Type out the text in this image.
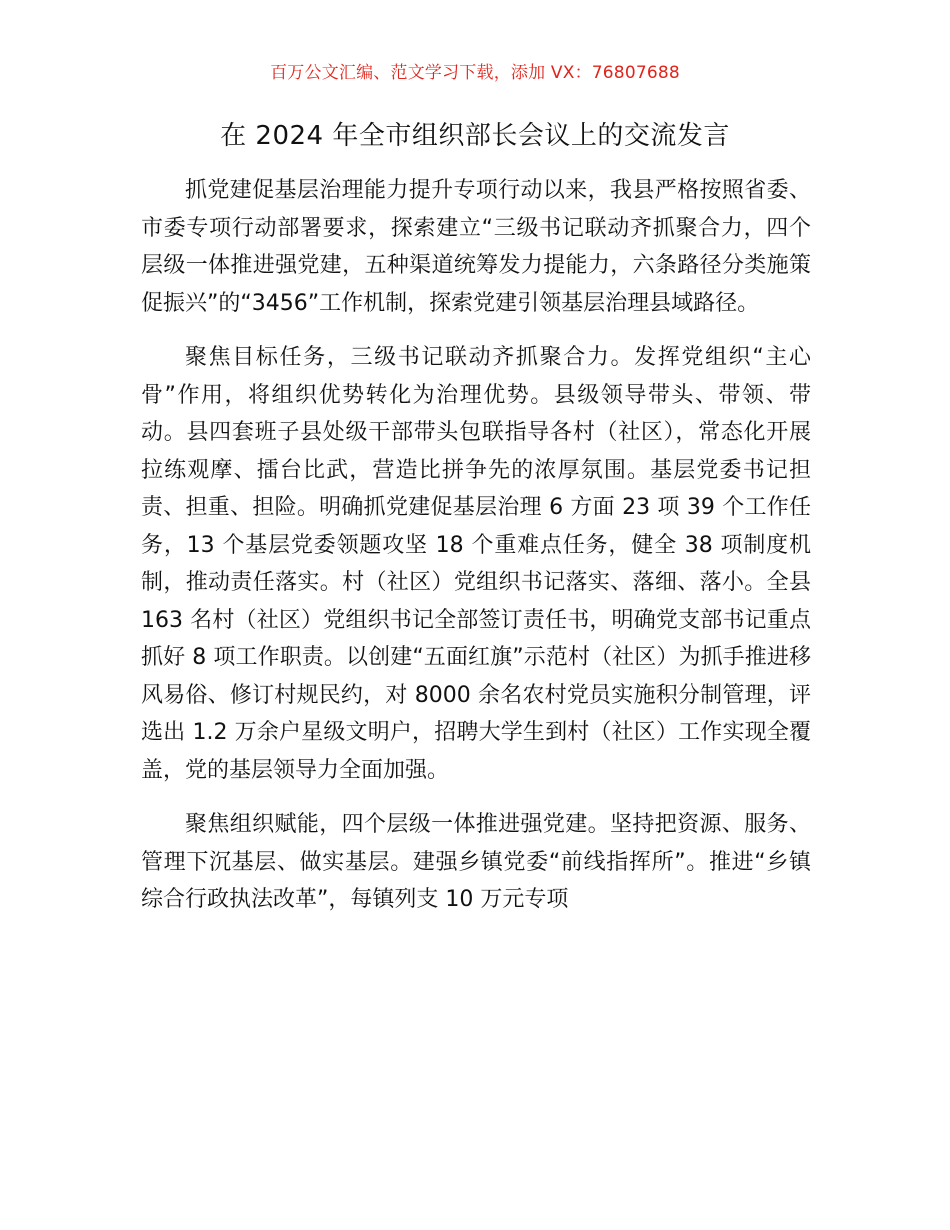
百万公文汇编、范文学习下载，添加 VX：76807688
在 2024 年全市组织部长会议上的交流发言

抓党建促基层治理能力提升专项行动以来，我县严格按照省委、市委专项行动部署要求，探索建立“三级书记联动齐抓聚合力，四个层级一体推进强党建，五种渠道统筹发力提能力，六条路径分类施策促振兴”的“3456”工作机制，探索党建引领基层治理县域路径。

聚焦目标任务，三级书记联动齐抓聚合力。发挥党组织“主心骨”作用，将组织优势转化为治理优势。县级领导带头、带领、带动。县四套班子县处级干部带头包联指导各村（社区），常态化开展拉练观摩、擂台比武，营造比拼争先的浓厚氛围。基层党委书记担责、担重、担险。明确抓党建促基层治理 6 方面 23 项 39 个工作任务，13 个基层党委领题攻坚 18 个重难点任务，健全 38 项制度机制，推动责任落实。村（社区）党组织书记落实、落细、落小。全县 163 名村（社区）党组织书记全部签订责任书，明确党支部书记重点抓好 8 项工作职责。以创建“五面红旗”示范村（社区）为抓手推进移风易俗、修订村规民约，对 8000 余名农村党员实施积分制管理，评选出 1.2 万余户星级文明户，招聘大学生到村（社区）工作实现全覆盖，党的基层领导力全面加强。

聚焦组织赋能，四个层级一体推进强党建。坚持把资源、服务、管理下沉基层、做实基层。建强乡镇党委“前线指挥所”。推进“乡镇综合行政执法改革”，每镇列支 10 万元专项
